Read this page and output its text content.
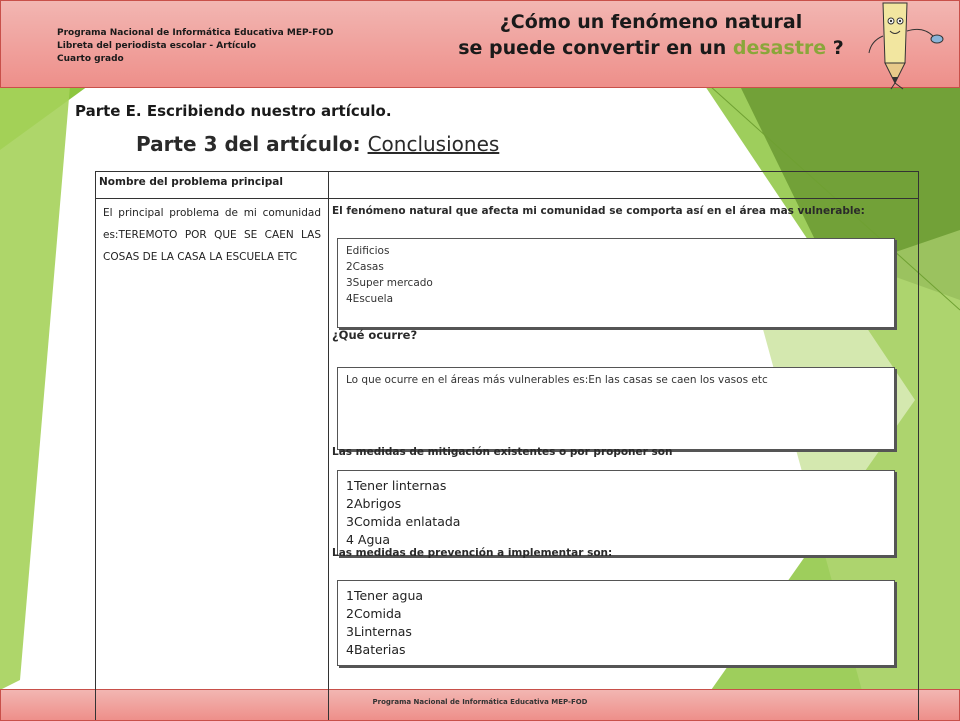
Programa Nacional de Informática Educativa MEP-FOD
Libreta del periodista escolar - Artículo
Cuarto grado
¿Cómo un fenómeno natural
se puede convertir en un desastre ?
Parte E. Escribiendo nuestro artículo.
Parte 3 del artículo: Conclusiones
Nombre del problema principal
El principal problema de mi comunidad es:TEREMOTO POR QUE SE CAEN LAS COSAS DE LA CASA LA ESCUELA ETC
El fenómeno natural que afecta mi comunidad se comporta así en el área mas vulnerable:
Edificios
2Casas
3Super mercado
4Escuela
¿Qué ocurre?
Lo que ocurre en el áreas más vulnerables es:En las casas se caen los vasos etc
Las medidas de mitigación existentes o por proponer son
1Tener linternas
2Abrigos
3Comida enlatada
4 Agua
Las medidas de prevención a implementar son:
1Tener agua
2Comida
3Linternas
4Baterias
Programa Nacional de Informática Educativa MEP-FOD
